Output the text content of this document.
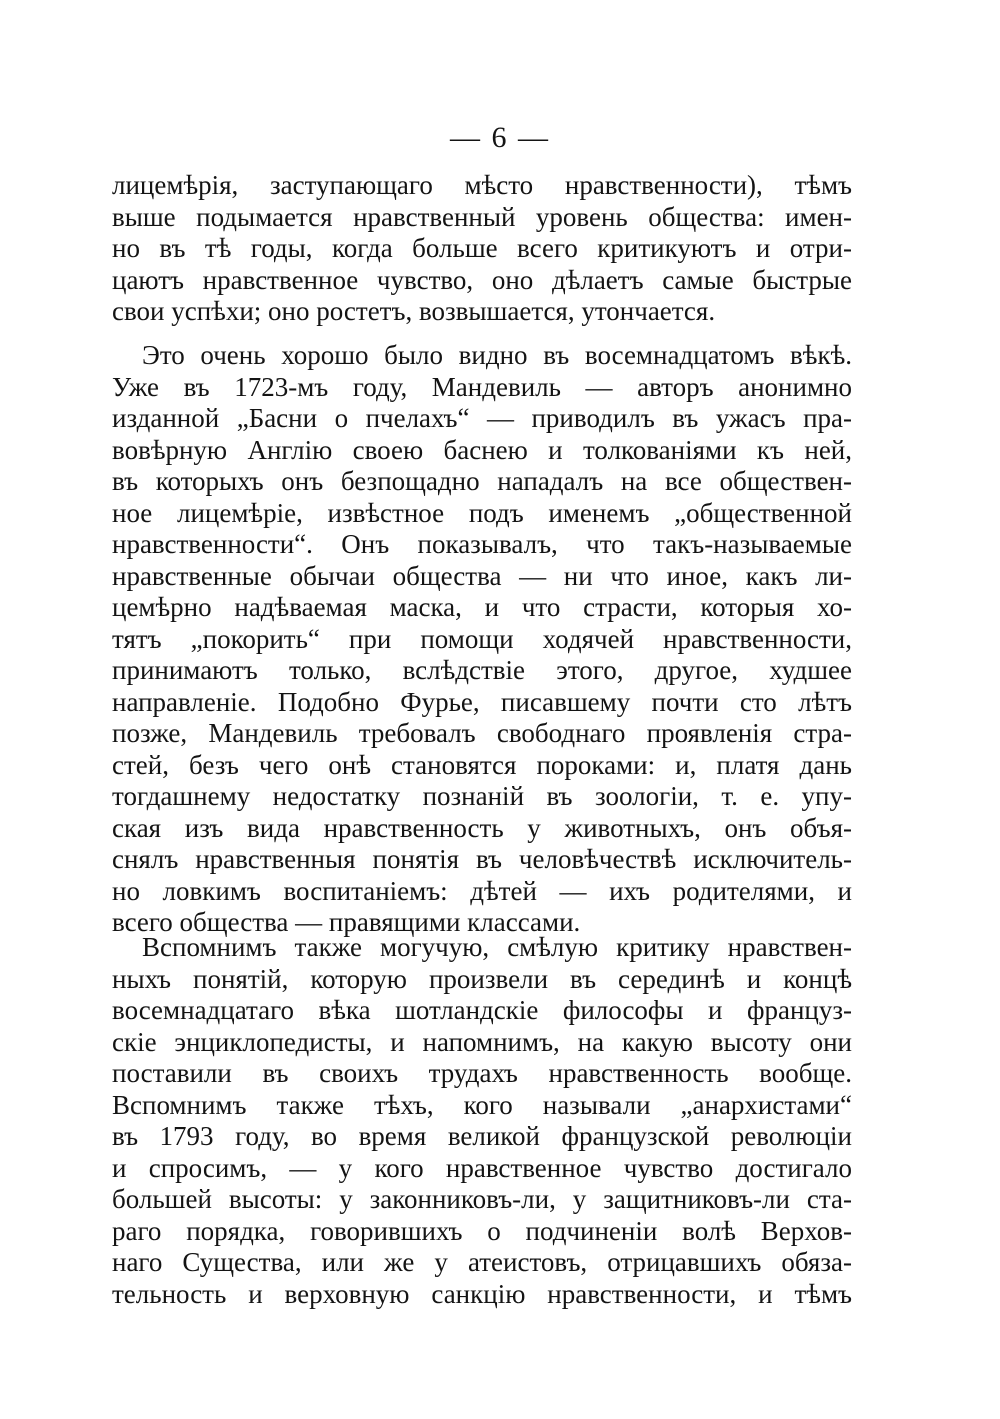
— 6 —
лицемѣрія, заступающаго мѣсто нравственности), тѣмъ
выше подымается нравственный уровень общества: имен-
но въ тѣ годы, когда больше всего критикуютъ и отри-
цаютъ нравственное чувство, оно дѣлаетъ самые быстрые
свои успѣхи; оно ростетъ, возвышается, утончается.
Это очень хорошо было видно въ восемнадцатомъ вѣкѣ.
Уже въ 1723-мъ году, Мандевиль — авторъ анонимно
изданной „Басни о пчелахъ“ — приводилъ въ ужасъ пра-
вовѣрную Англію своею баснею и толкованіями къ ней,
въ которыхъ онъ безпощадно нападалъ на все обществен-
ное лицемѣріе, извѣстное подъ именемъ „общественной
нравственности“. Онъ показывалъ, что такъ-называемые
нравственные обычаи общества — ни что иное, какъ ли-
цемѣрно надѣваемая маска, и что страсти, которыя хо-
тятъ „покорить“ при помощи ходячей нравственности,
принимаютъ только, вслѣдствіе этого, другое, худшее
направленіе. Подобно Фурье, писавшему почти сто лѣтъ
позже, Мандевиль требовалъ свободнаго проявленія стра-
стей, безъ чего онѣ становятся пороками: и, платя дань
тогдашнему недостатку познаній въ зоологіи, т. е. упу-
ская изъ вида нравственность у животныхъ, онъ объя-
снялъ нравственныя понятія въ человѣчествѣ исключитель-
но ловкимъ воспитаніемъ: дѣтей — ихъ родителями, и
всего общества — правящими классами.
Вспомнимъ также могучую, смѣлую критику нравствен-
ныхъ понятій, которую произвели въ серединѣ и концѣ
восемнадцатаго вѣка шотландскіе философы и француз-
скіе энциклопедисты, и напомнимъ, на какую высоту они
поставили въ своихъ трудахъ нравственность вообще.
Вспомнимъ также тѣхъ, кого называли „анархистами“
въ 1793 году, во время великой французской революціи
и спросимъ, — у кого нравственное чувство достигало
большей высоты: у законниковъ-ли, у защитниковъ-ли ста-
раго порядка, говорившихъ о подчиненіи волѣ Верхов-
наго Существа, или же у атеистовъ, отрицавшихъ обяза-
тельность и верховную санкцію нравственности, и тѣмъ
